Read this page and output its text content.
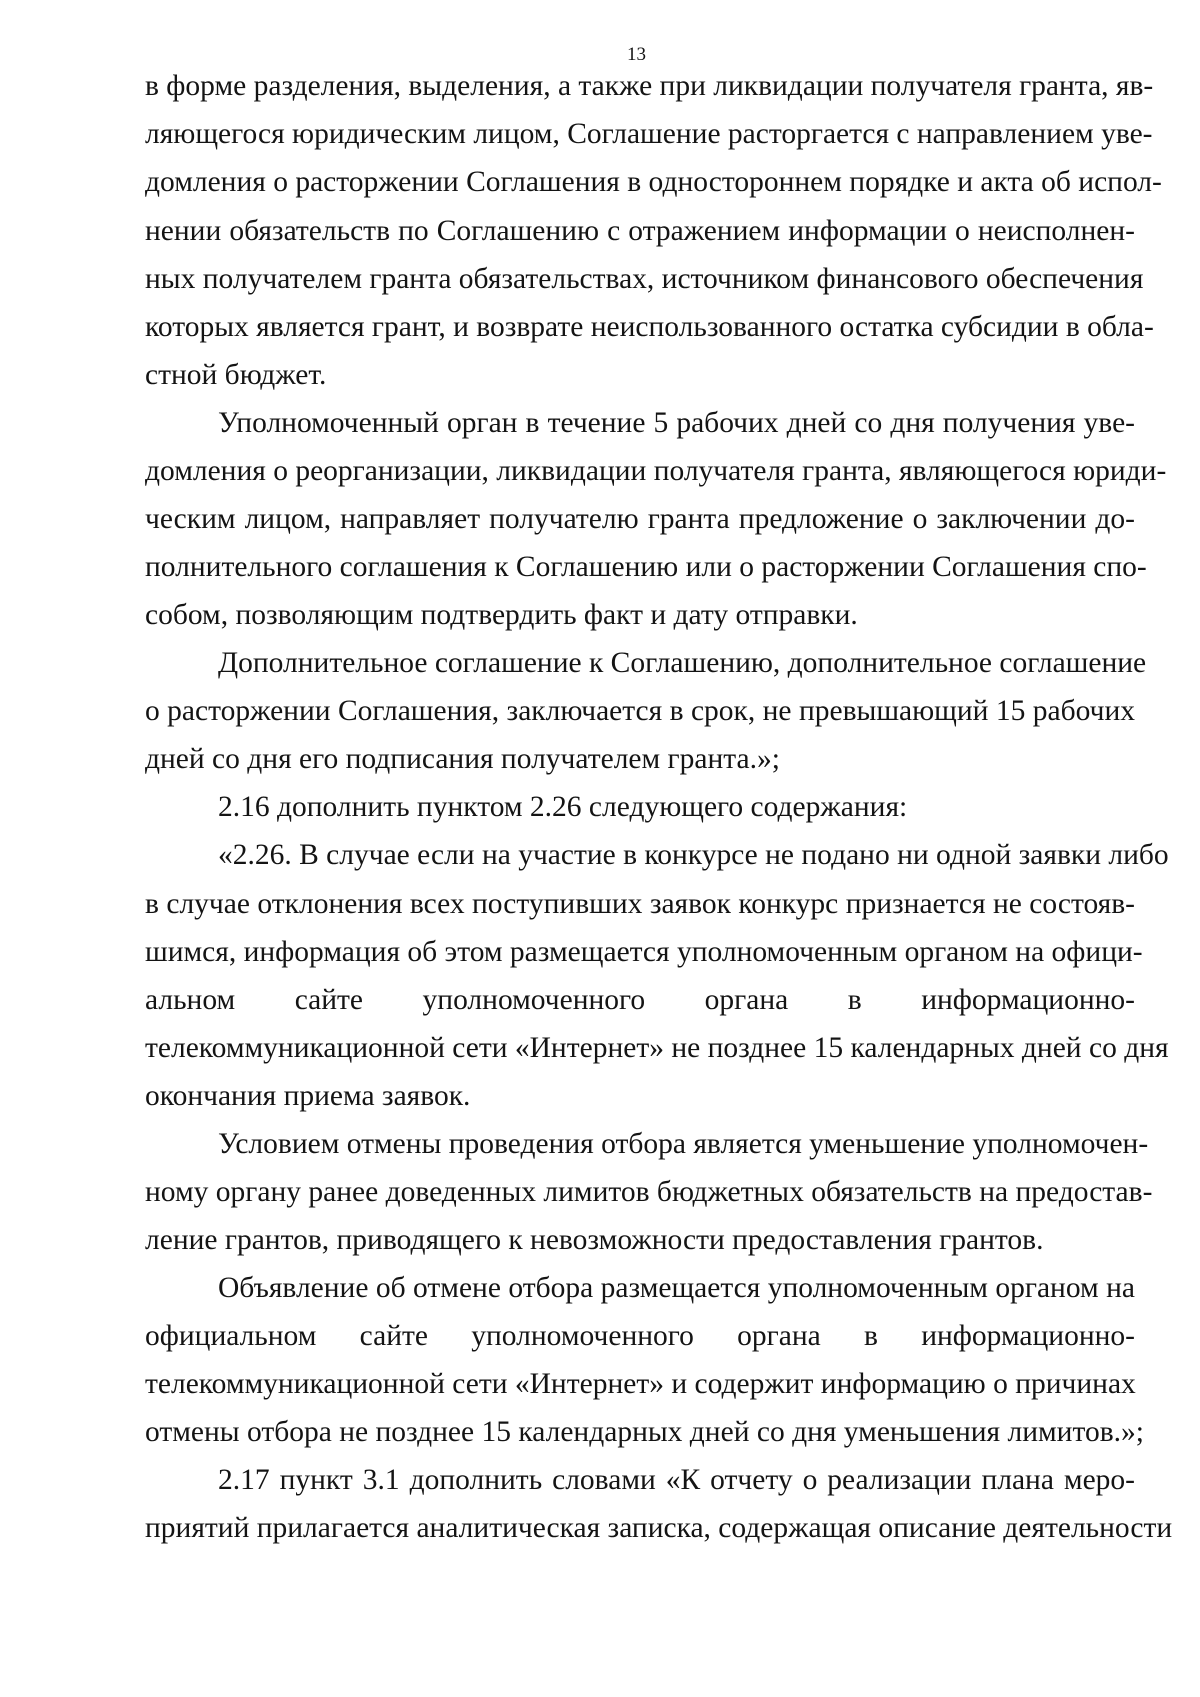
13
в форме разделения, выделения, а также при ликвидации получателя гранта, яв-
ляющегося юридическим лицом, Соглашение расторгается с направлением уве-
домления о расторжении Соглашения в одностороннем порядке и акта об испол-
нении обязательств по Соглашению с отражением информации о неисполнен-
ных получателем гранта обязательствах, источником финансового обеспечения
которых является грант, и возврате неиспользованного остатка субсидии в обла-
стной бюджет.
Уполномоченный орган в течение 5 рабочих дней со дня получения уве-
домления о реорганизации, ликвидации получателя гранта, являющегося юриди-
ческим лицом, направляет получателю гранта предложение о заключении до-
полнительного соглашения к Соглашению или о расторжении Соглашения спо-
собом, позволяющим подтвердить факт и дату отправки.
Дополнительное соглашение к Соглашению, дополнительное соглашение
о расторжении Соглашения, заключается в срок, не превышающий 15 рабочих
дней со дня его подписания получателем гранта.»;
2.16 дополнить пунктом 2.26 следующего содержания:
«2.26. В случае если на участие в конкурсе не подано ни одной заявки либо
в случае отклонения всех поступивших заявок конкурс признается не состояв-
шимся, информация об этом размещается уполномоченным органом на офици-
альном сайте уполномоченного органа в информационно-
телекоммуникационной сети «Интернет» не позднее 15 календарных дней со дня
окончания приема заявок.
Условием отмены проведения отбора является уменьшение уполномочен-
ному органу ранее доведенных лимитов бюджетных обязательств на предостав-
ление грантов, приводящего к невозможности предоставления грантов.
Объявление об отмене отбора размещается уполномоченным органом на
официальном сайте уполномоченного органа в информационно-
телекоммуникационной сети «Интернет» и содержит информацию о причинах
отмены отбора не позднее 15 календарных дней со дня уменьшения лимитов.»;
2.17 пункт 3.1 дополнить словами «К отчету о реализации плана меро-
приятий прилагается аналитическая записка, содержащая описание деятельности
